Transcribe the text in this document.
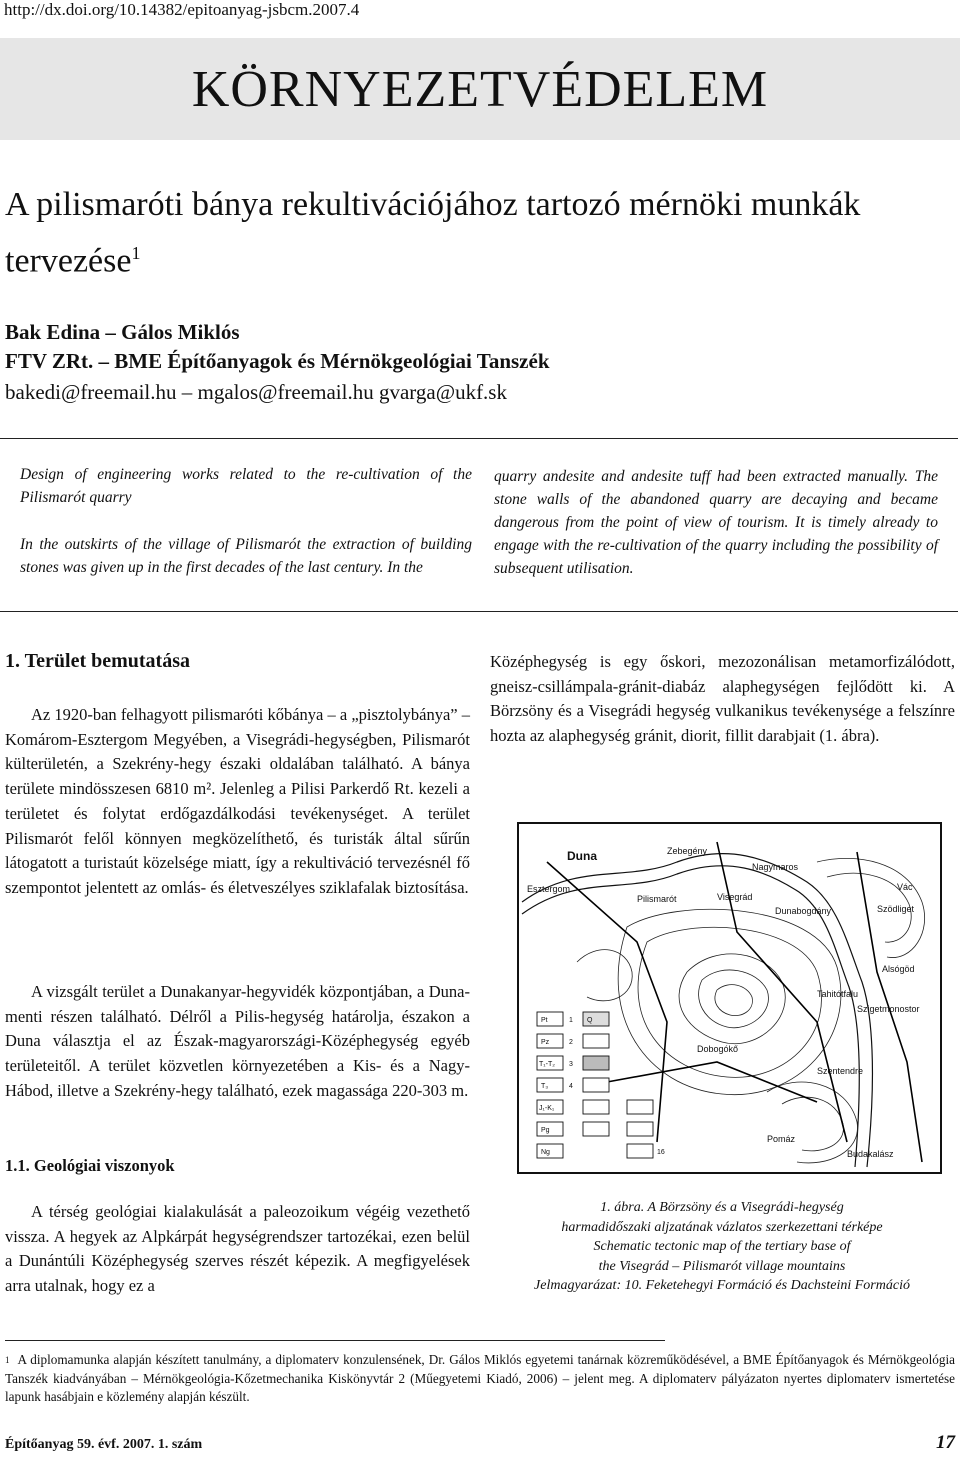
http://dx.doi.org/10.14382/epitoanyag-jsbcm.2007.4
KÖRNYEZETVÉDELEM
A pilismaróti bánya rekultivációjához tartozó mérnöki munkák tervezése$^1$
Bak Edina – Gálos Miklós
FTV ZRt. – BME Építőanyagok és Mérnökgeológiai Tanszék
bakedi@freemail.hu – mgalos@freemail.hu gvarga@ukf.sk
Design of engineering works related to the re-cultivation of the Pilismarót quarry
In the outskirts of the village of Pilismarót the extraction of building stones was given up in the first decades of the last century. In the
quarry andesite and andesite tuff had been extracted manually. The stone walls of the abandoned quarry are decaying and became dangerous from the point of view of tourism. It is timely already to engage with the re-cultivation of the quarry including the possibility of subsequent utilisation.
1. Terület bemutatása

Az 1920-ban felhagyott pilismaróti kőbánya – a „pisztolybánya” – Komárom-Esztergom Megyében, a Visegrádi-hegységben, Pilismarót külterületén, a Szekrény-hegy északi oldalában található. A bánya területe mindösszesen 6810 m². Jelenleg a Pilisi Parkerdő Rt. kezeli a területet és folytat erdőgazdálkodási tevékenységet. A terület Pilismarót felől könnyen megközelíthető, és turisták által sűrűn látogatott a turistaút közelsége miatt, így a rekultiváció tervezésnél fő szempontot jelentett az omlás- és életveszélyes sziklafalak biztosítása.

A vizsgált terület a Dunakanyar-hegyvidék központjában, a Duna-menti részen található. Délről a Pilis-hegység határolja, északon a Duna választja el az Észak-magyarországi-Középhegység egyéb területeitől. A terület közvetlen környezetében a Kis- és a Nagy-Hábod, illetve a Szekrény-hegy található, ezek magassága 220-303 m.

1.1. Geológiai viszonyok

A térség geológiai kialakulását a paleozoikum végéig vezethető vissza. A hegyek az Alpkárpát hegységrendszer tartozékai, ezen belül a Dunántúli Középhegység szerves részét képezik. A megfigyelések arra utalnak, hogy ez a

Középhegység is egy őskori, mezozonálisan metamorfizálódott, gneisz-csillámpala-gránit-diabáz alaphegységen fejlődött ki. A Börzsöny és a Visegrádi hegység vulkanikus tevékenysége a felszínre hozta az alaphegység gránit, diorit, fillit darabjait (1. ábra).

Pt
Pz
T₁-T₂
T₃
J₁-K₁
Pg
Ng
Q
1
2
3
4
16
Duna
Esztergom
Zebegény
Nagymaros
Dunabogdány
Dobogókő
Szentendre
Szödliget
Vác
Pilismarót	Visegrád
Pomáz
Budakalász
Szigetmonostor
Alsógöd
Tahitótfalu
1. ábra. A Börzsöny és a Visegrádi-hegység
harmadidőszaki aljzatának vázlatos szerkezettani térképe
Schematic tectonic map of the tertiary base of
the Visegrád – Pilismarót village mountains
Jelmagyarázat: 10. Feketehegyi Formáció és Dachsteini Formáció
$^1$ A diplomamunka alapján készített tanulmány, a diplomaterv konzulensének, Dr. Gálos Miklós egyetemi tanárnak közreműködésével, a BME Építőanyagok és Mérnökgeológia Tanszék kiadványában – Mérnökgeológia-Kőzetmechanika Kiskönyvtár 2 (Műegyetemi Kiadó, 2006) – jelent meg. A diplomaterv pályázaton nyertes diplomaterv ismertetése lapunk hasábjain e közlemény alapján készült.
Építőanyag 59. évf. 2007. 1. szám	17
